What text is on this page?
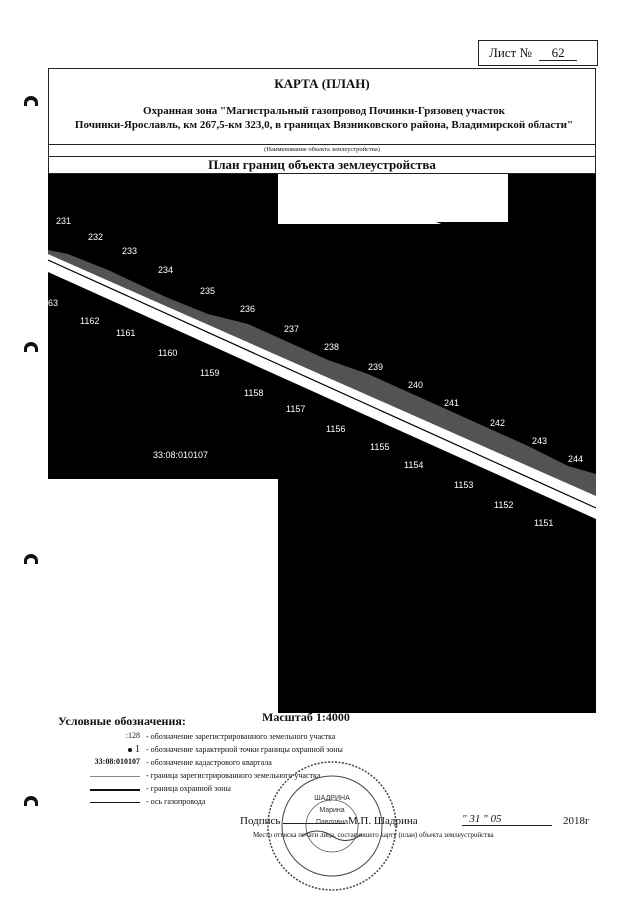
Лист № 62
КАРТА (ПЛАН)
Охранная зона "Магистральный газопровод Починки-Грязовец участок
Починки-Ярославль, км 267,5-км 323,0, в границах Вязниковского района, Владимирской области"
(Наименование объекта землеустройства)
План границ объекта землеустройства
231
232
233
234
235
236
237
238
239
240
241
242
243
244
63
1162
1161
1160
1159
1158
1157
1156
1155
1154
1153
1152
1151
33:08:010107
Масштаб 1:4000
Условные обозначения:
:128 - обозначение зарегистрированного земельного участка
1 - обозначение характерной точки границы охранной зоны
33:08:010107 - обозначение кадастрового квартала
- граница зарегистрированного земельного участка
- граница охранной зоны
- ось газопровода
Подпись	М.П. Шадрина	" 31 " 05	2018г
Место оттиска печати лица, составившего карту (план) объекта землеустройства
ШАДРИНА
Марина
Павловна
